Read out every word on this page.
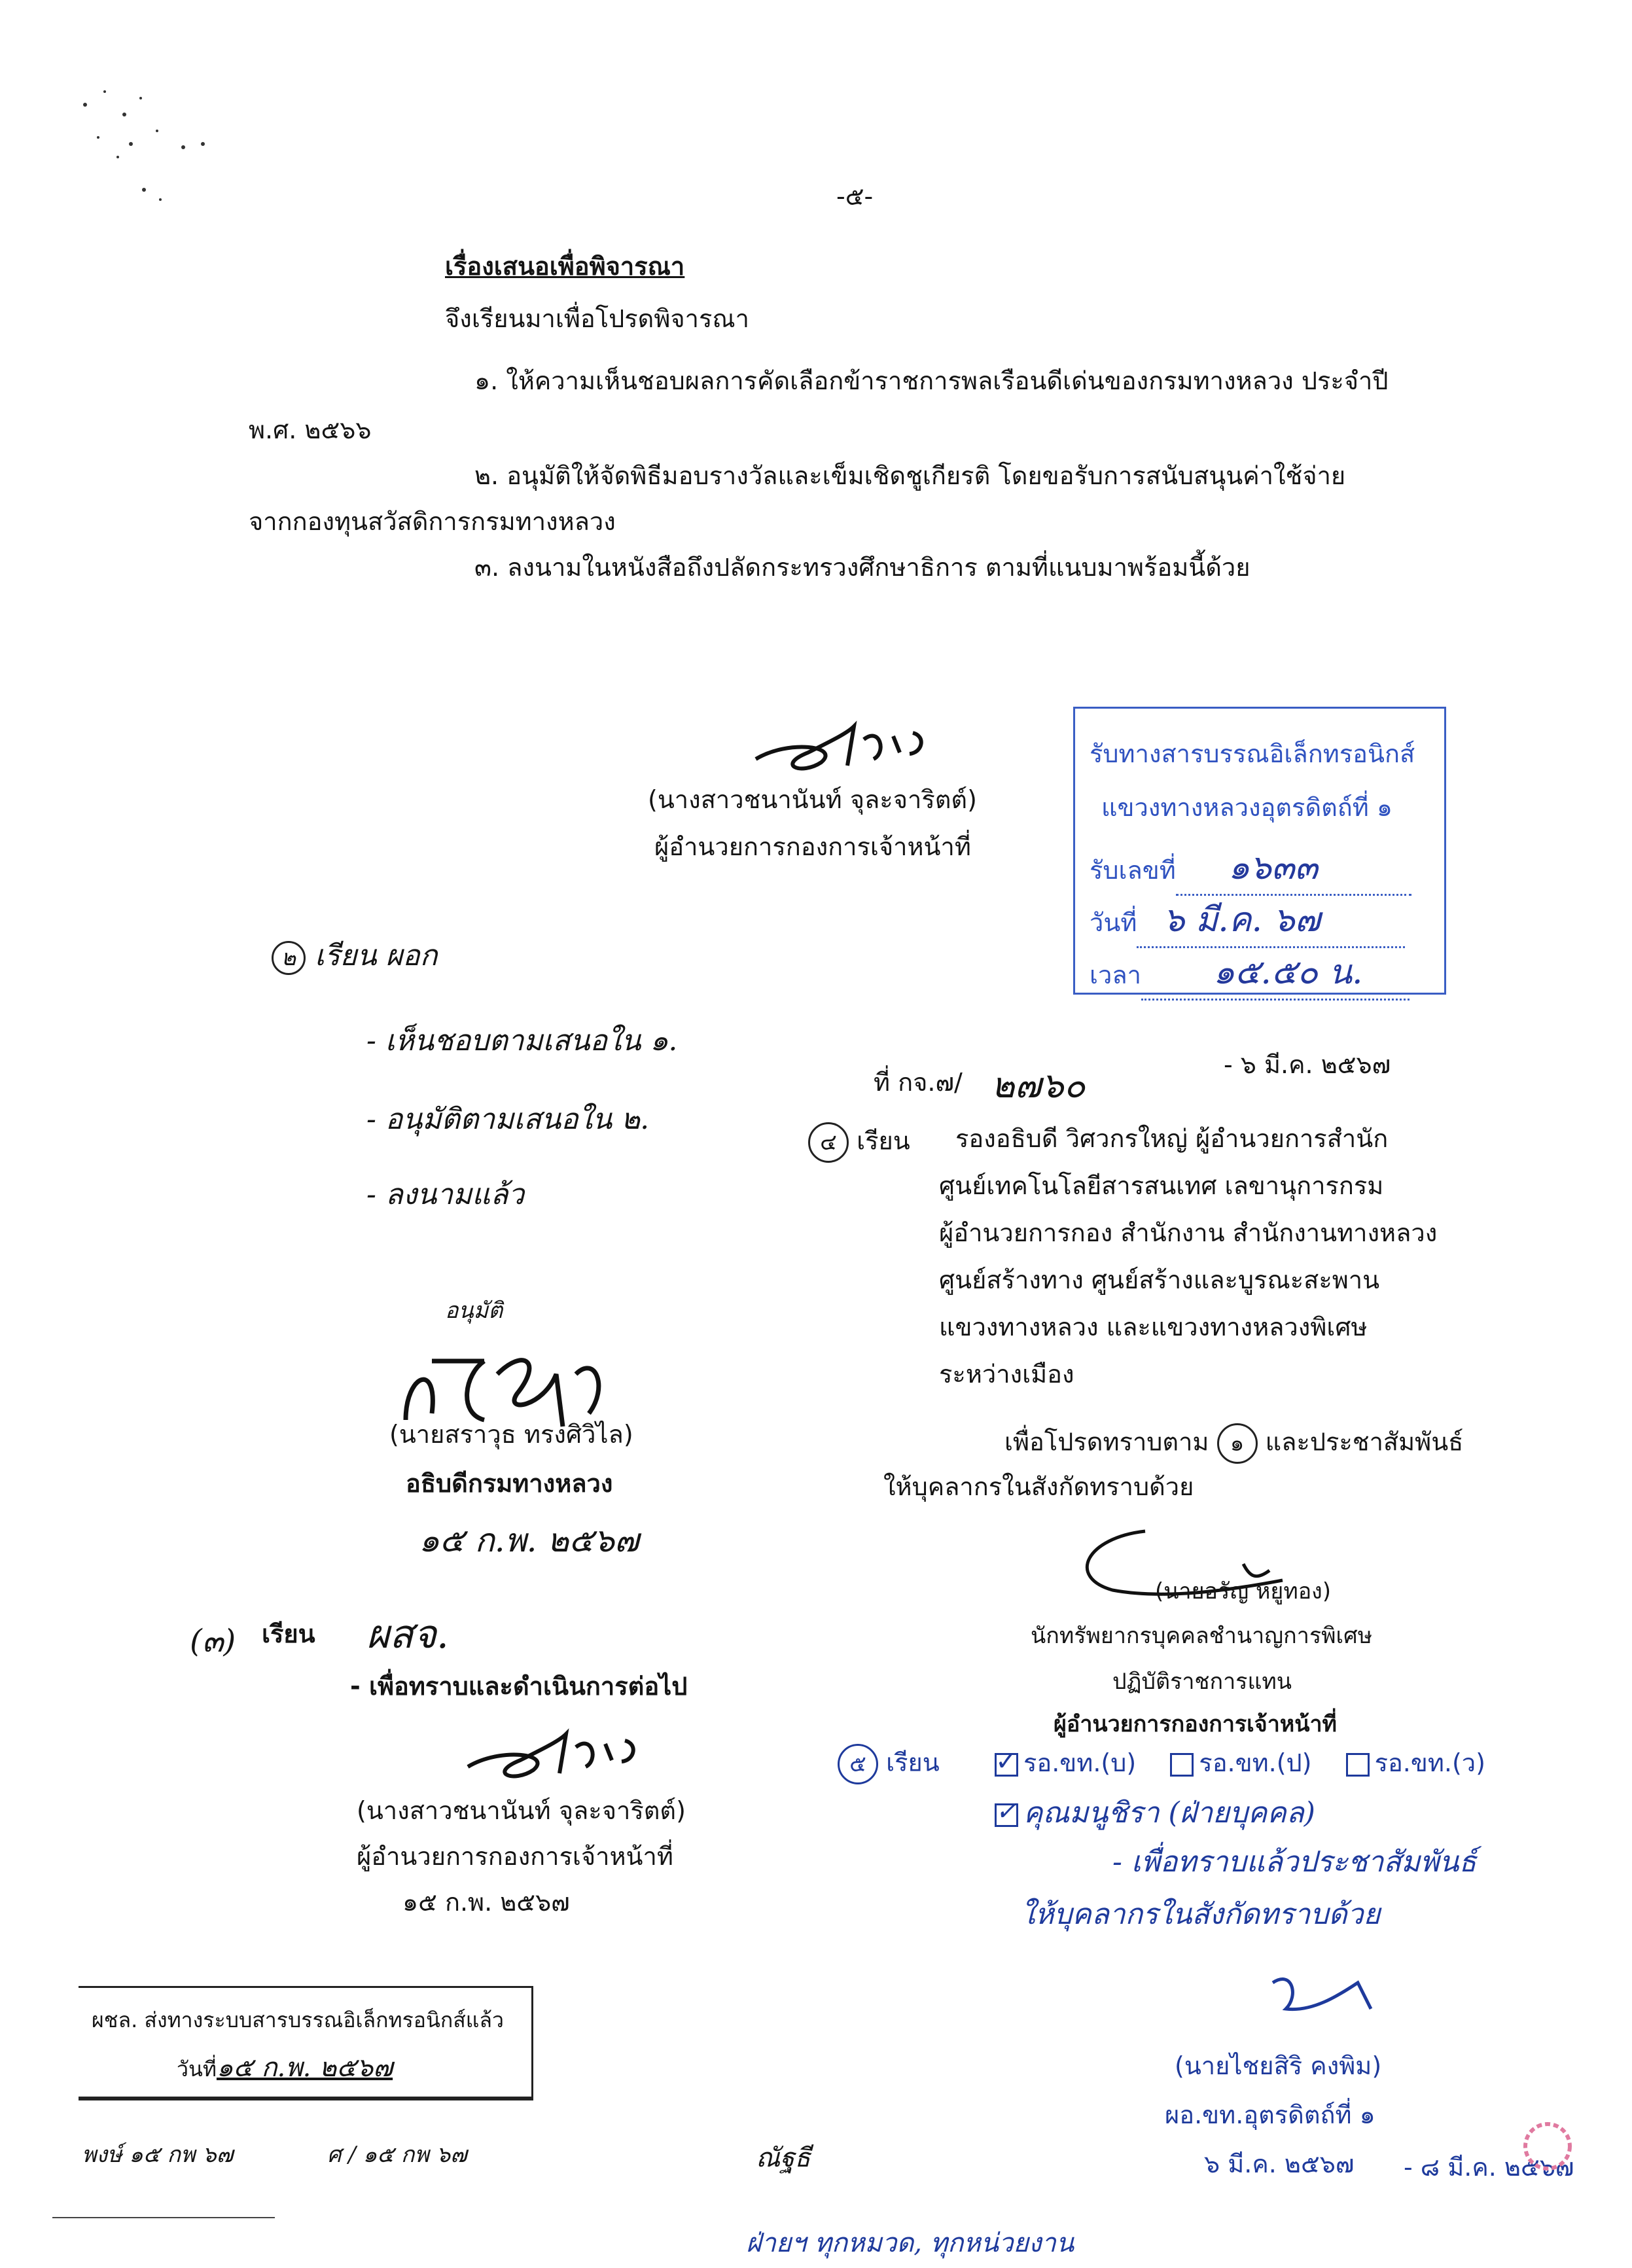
-๕-
เรื่องเสนอเพื่อพิจารณา
จึงเรียนมาเพื่อโปรดพิจารณา
๑. ให้ความเห็นชอบผลการคัดเลือกข้าราชการพลเรือนดีเด่นของกรมทางหลวง ประจำปี
พ.ศ. ๒๕๖๖
๒. อนุมัติให้จัดพิธีมอบรางวัลและเข็มเชิดชูเกียรติ โดยขอรับการสนับสนุนค่าใช้จ่าย
จากกองทุนสวัสดิการกรมทางหลวง
๓. ลงนามในหนังสือถึงปลัดกระทรวงศึกษาธิการ ตามที่แนบมาพร้อมนี้ด้วย
(นางสาวชนานันท์ จุละจาริตต์)
ผู้อำนวยการกองการเจ้าหน้าที่
รับทางสารบรรณอิเล็กทรอนิกส์
แขวงทางหลวงอุตรดิตถ์ที่ ๑
รับเลขที่ ๑๖๓๓
วันที่ ๖ มี.ค. ๖๗
เวลา ๑๕.๕๐ น.
๒ เรียน ผอก
- เห็นชอบตามเสนอใน ๑.
- อนุมัติตามเสนอใน ๒.
- ลงนามแล้ว
ที่ กจ.๗/ ๒๗๖๐	- ๖ มี.ค. ๒๕๖๗
๔ เรียน รองอธิบดี วิศวกรใหญ่ ผู้อำนวยการสำนัก
ศูนย์เทคโนโลยีสารสนเทศ เลขานุการกรม
ผู้อำนวยการกอง สำนักงาน สำนักงานทางหลวง
ศูนย์สร้างทาง ศูนย์สร้างและบูรณะสะพาน
แขวงทางหลวง และแขวงทางหลวงพิเศษ
ระหว่างเมือง
เพื่อโปรดทราบตาม ๑ และประชาสัมพันธ์
ให้บุคลากรในสังกัดทราบด้วย
อนุมัติ
(นายสราวุธ ทรงศิวิไล)
อธิบดีกรมทางหลวง
๑๕ ก.พ. ๒๕๖๗
(นายอรัญ หยูทอง)
นักทรัพยากรบุคคลชำนาญการพิเศษ
ปฏิบัติราชการแทน
ผู้อำนวยการกองการเจ้าหน้าที่
(๓) เรียน ผสจ.
- เพื่อทราบและดำเนินการต่อไป
(นางสาวชนานันท์ จุละจาริตต์)
ผู้อำนวยการกองการเจ้าหน้าที่
๑๕ ก.พ. ๒๕๖๗
๕ เรียน
✓	รอ.ขท.(บ)	รอ.ขท.(ป)	รอ.ขท.(ว)
✓คุณมนูชิรา (ฝ่ายบุคคล)
- เพื่อทราบแล้วประชาสัมพันธ์
ให้บุคลากรในสังกัดทราบด้วย
(นายไชยสิริ คงพิม)
ผอ.ขท.อุตรดิตถ์ที่ ๑
๖ มี.ค. ๒๕๖๗ - ๘ มี.ค. ๒๕๖๗
ผชล. ส่งทางระบบสารบรรณอิเล็กทรอนิกส์แล้ว
วันที่๑๕ ก.พ. ๒๕๖๗
พงษ์ ๑๕ กพ ๖๗	ศ / ๑๕ กพ ๖๗	ณัฐธี
ฝ่ายฯ ทุกหมวด, ทุกหน่วยงาน
